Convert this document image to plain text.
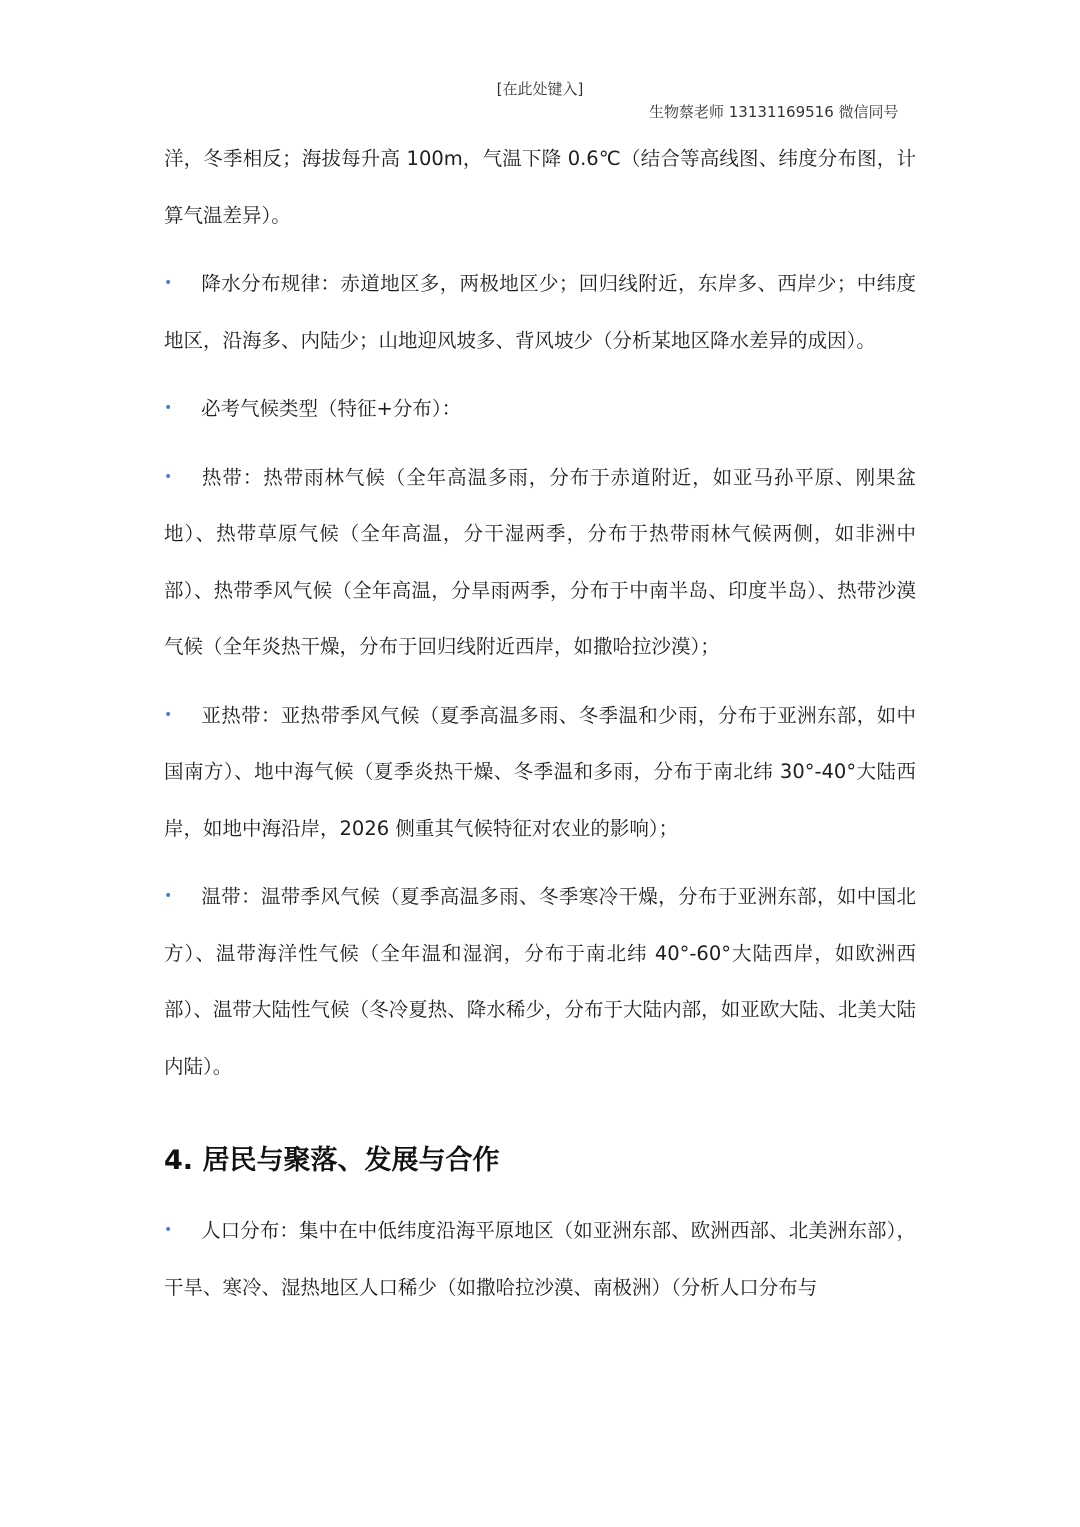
[在此处键入]
生物蔡老师 13131169516 微信同号
洋，冬季相反；海拔每升高 100m，气温下降 0.6℃（结合等高线图、纬度分布图，计算气温差异）。
• 降水分布规律：赤道地区多，两极地区少；回归线附近，东岸多、西岸少；中纬度地区，沿海多、内陆少；山地迎风坡多、背风坡少（分析某地区降水差异的成因）。
• 必考气候类型（特征+分布）：
• 热带：热带雨林气候（全年高温多雨，分布于赤道附近，如亚马孙平原、刚果盆地）、热带草原气候（全年高温，分干湿两季，分布于热带雨林气候两侧，如非洲中部）、热带季风气候（全年高温，分旱雨两季，分布于中南半岛、印度半岛）、热带沙漠气候（全年炎热干燥，分布于回归线附近西岸，如撒哈拉沙漠）；
• 亚热带：亚热带季风气候（夏季高温多雨、冬季温和少雨，分布于亚洲东部，如中国南方）、地中海气候（夏季炎热干燥、冬季温和多雨，分布于南北纬 30°-40°大陆西岸，如地中海沿岸，2026 侧重其气候特征对农业的影响）；
• 温带：温带季风气候（夏季高温多雨、冬季寒冷干燥，分布于亚洲东部，如中国北方）、温带海洋性气候（全年温和湿润，分布于南北纬 40°-60°大陆西岸，如欧洲西部）、温带大陆性气候（冬冷夏热、降水稀少，分布于大陆内部，如亚欧大陆、北美大陆内陆）。
4. 居民与聚落、发展与合作
• 人口分布：集中在中低纬度沿海平原地区（如亚洲东部、欧洲西部、北美洲东部），干旱、寒冷、湿热地区人口稀少（如撒哈拉沙漠、南极洲）（分析人口分布与
